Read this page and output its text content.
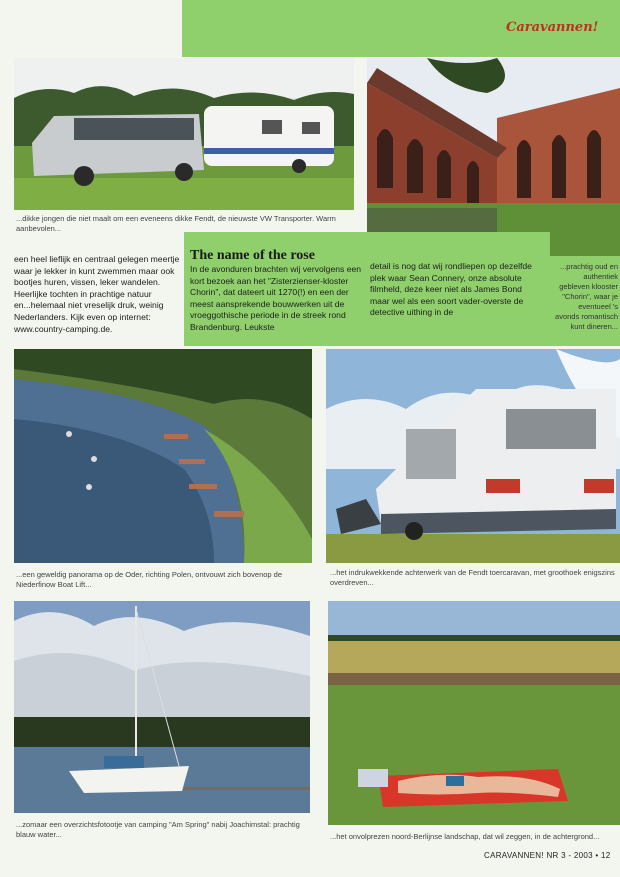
Caravannen!
...dikke jongen die niet maalt om een eveneens dikke Fendt, de nieuwste VW Transporter. Warm aanbevolen...
...prachtig oud en authentiek gebleven klooster "Chorin", waar je eventueel 's avonds romantisch kunt dineren...
een heel lieflijk en centraal gelegen meertje waar je lekker in kunt zwemmen maar ook bootjes huren, vissen, leker wandelen. Heerlijke tochten in prachtige natuur en...helemaal niet vreselijk druk, weinig Nederlanders. Kijk even op internet: www.country-camping.de.
The name of the rose
In de avonduren brachten wij vervolgens een kort bezoek aan het "Zisterzienser-kloster Chorin", dat dateert uit 1270(!) en een der meest aansprekende bouwwerken uit de vroeggothische periode in de streek rond Brandenburg. Leukste
detail is nog dat wij rondliepen op dezelfde plek waar Sean Connery, onze absolute filmheld, deze keer niet als James Bond maar wel als een soort vader-overste de detective uithing in de
...een geweldig panorama op de Oder, richting Polen, ontvouwt zich bovenop de Niederfinow Boat Lift...
...het indrukwekkende achterwerk van de Fendt toercaravan, met groothoek enigszins overdreven...
...zomaar een overzichtsfotootje van camping "Am Spring" nabij Joachimstal: prachtig blauw water...	...het onvolprezen noord-Berlijnse landschap, dat wil zeggen, in de achtergrond...
CARAVANNEN! NR 3 - 2003 • 12
